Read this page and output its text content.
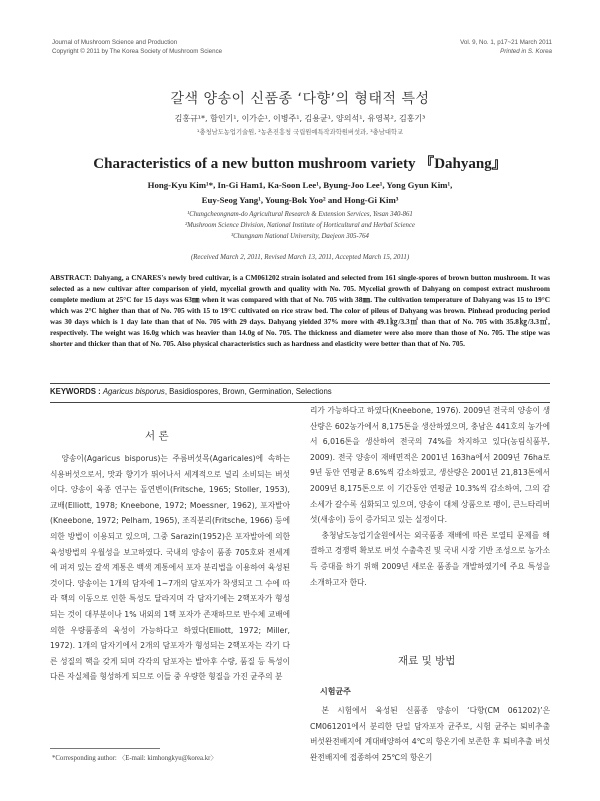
Journal of Mushroom Science and Production
Copyright © 2011 by The Korea Society of Mushroom Science
Vol. 9, No. 1, p17~21 March 2011
Printed in S. Korea
갈색 양송이 신품종 ‘다향’의 형태적 특성
김홍규¹*, 함인기¹, 이가순¹, 이병주¹, 김용균¹, 양의석¹, 유영복², 김홍기³
¹충청남도농업기술원, ²농촌진흥청 국립원예특작과학원버섯과, ³충남대학교
Characteristics of a new button mushroom variety 『Dahyang』
Hong-Kyu Kim¹*, In-Gi Ham1, Ka-Soon Lee¹, Byung-Joo Lee¹, Yong Gyun Kim¹,
Euy-Seog Yang¹, Young-Bok Yoo² and Hong-Gi Kim³
¹Chungcheongnam-do Agricultural Research & Extension Services, Yesan 340-861
²Mushroom Science Division, National Institute of Horticultural and Herbal Science
³Chungnam National University, Daejeon 305-764
(Received March 2, 2011, Revised March 13, 2011, Accepted March 15, 2011)

ABSTRACT: Dahyang, a CNARES's newly bred cultivar, is a CM061202 strain isolated and selected from 161 single-spores of brown button mushroom. It was selected as a new cultivar after comparison of yield, mycelial growth and quality with No. 705. Mycelial growth of Dahyang on compost extract mushroom complete medium at 25°C for 15 days was 63㎜ when it was compared with that of No. 705 with 38㎜. The cultivation temperature of Dahyang was 15 to 19°C which was 2°C higher than that of No. 705 with 15 to 19°C cultivated on rice straw bed. The color of pileus of Dahyang was brown. Pinhead producing period was 30 days which is 1 day late than that of No. 705 with 29 days. Dahyang yielded 37% more with 49.1㎏/3.3㎡ than that of No. 705 with 35.8㎏/3.3㎡, respectively. The weight was 16.0g which was heavier than 14.0g of No. 705. The thickness and diameter were also more than those of No. 705. The stipe was shorter and thicker than that of No. 705. Also physical characteristics such as hardness and elasticity were better than that of No. 705.

KEYWORDS : Agaricus bisporus, Basidiospores, Brown, Germination, Selections
서 론

양송이(Agaricus bisporus)는 주름버섯목(Agaricales)에 속하는 식용버섯으로서, 맛과 향기가 뛰어나서 세계적으로 널리 소비되는 버섯이다. 양송이 육종 연구는 돌연변이(Fritsche, 1965; Stoller, 1953), 교배(Elliott, 1978; Kneebone, 1972; Moessner, 1962), 포자발아(Kneebone, 1972; Pelham, 1965), 조직분리(Fritsche, 1966) 등에 의한 방법이 이용되고 있으며, 그중 Sarazin(1952)은 포자발아에 의한 육성방법의 우월성을 보고하였다. 국내의 양송이 품종 705호와 전세계에 퍼져 있는 갈색 계통은 백색 계통에서 포자 분리법을 이용하여 육성된 것이다. 양송이는 1개의 담자에 1~7개의 담포자가 착생되고 그 수에 따라 핵의 이동으로 인한 특성도 달라지며 각 담자기에는 2핵포자가 형성되는 것이 대부분이나 1% 내외의 1핵 포자가 존재하므로 반수체 교배에 의한 우량품종의 육성이 가능하다고 하였다(Elliott, 1972; Miller, 1972). 1개의 담자기에서 2개의 담포자가 형성되는 2핵포자는 각기 다른 성질의 핵을 갖게 되며 각각의 담포자는 발아후 수량, 품질 등 특성이 다른 자실체를 형성하게 되므로 이들 중 우량한 형질을 가진 균주의 분

리가 가능하다고 하였다(Kneebone, 1976). 2009년 전국의 양송이 생산량은 602농가에서 8,175톤을 생산하였으며, 충남은 441호의 농가에서 6,016톤을 생산하여 전국의 74%를 차지하고 있다(농림식품부, 2009). 전국 양송이 재배면적은 2001년 163ha에서 2009년 76ha로 9년 동안 연평균 8.6%씩 감소하였고, 생산량은 2001년 21,813톤에서 2009년 8,175톤으로 이 기간동안 연평균 10.3%씩 감소하여, 그의 감소세가 갈수록 심화되고 있으며, 양송이 대체 상품으로 팽이, 큰느타리버섯(새송이) 등이 증가되고 있는 실정이다.

충청남도농업기술원에서는 외국품종 재배에 따른 로열티 문제를 해결하고 경쟁력 확보로 버섯 수출촉진 및 국내 시장 기반 조성으로 농가소득 증대를 하기 위해 2009년 새로운 품종을 개발하였기에 주요 특성을 소개하고자 한다.

재료 및 방법
시험균주

본 시험에서 육성된 신품종 양송이 ‘다향(CM 061202)’은 CM061201에서 분리한 단일 담자포자 균주로, 시험 균주는 퇴비추출 버섯완전배지에 계대배양하여 4℃의 항온기에 보존한 후 퇴비추출 버섯완전배지에 접종하여 25℃의 항온기

*Corresponding author: 〈E-mail: kimhongkyu@korea.kr〉
